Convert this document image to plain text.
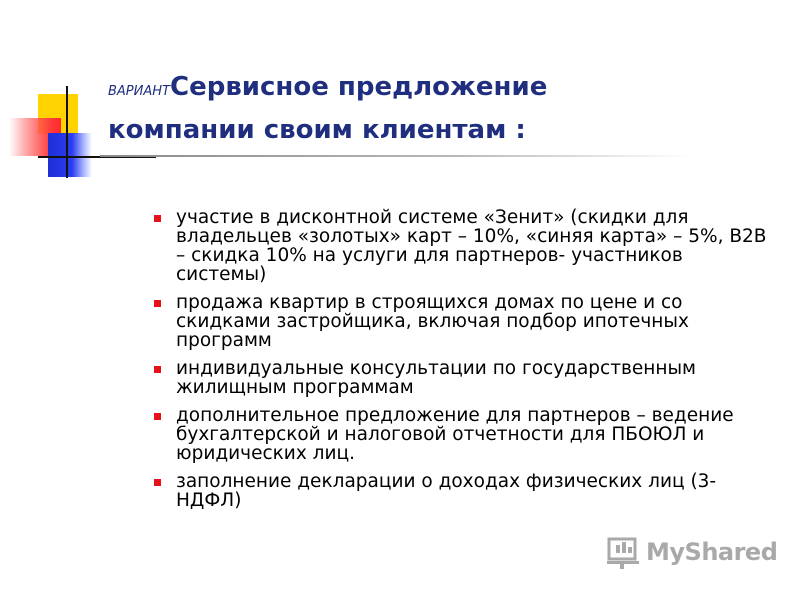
ВАРИАНТСервисное предложение
компании своим клиентам :
участие в дисконтной системе «Зенит» (скидки для владельцев «золотых» карт – 10%, «синяя карта» – 5%, В2В – скидка 10% на услуги для партнеров- участников системы)
продажа квартир в строящихся домах по цене и со скидками застройщика, включая подбор ипотечных программ
индивидуальные консультации по государственным жилищным программам
дополнительное предложение для партнеров – ведение бухгалтерской и налоговой отчетности для ПБОЮЛ и юридических лиц.
заполнение декларации о доходах физических лиц (3-НДФЛ)
MyShared
